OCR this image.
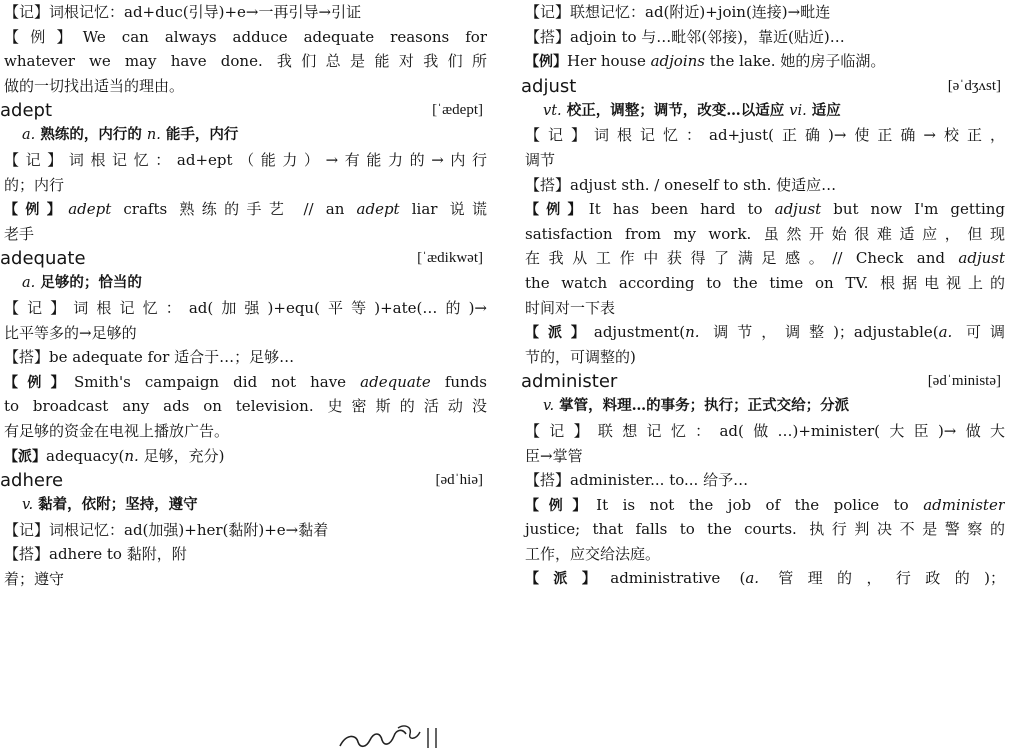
【记】词根记忆：ad+duc(引导)+e→一再引导→引证
【例】We can always adduce adequate reasons for
whatever we may have done. 我们总是能对我们所
做的一切找出适当的理由。
adept	[ˈædept]
a. 熟练的，内行的 n. 能手，内行
【记】词根记忆：ad+ept（能力）→有能力的→内行
的；内行
【例】adept crafts 熟练的手艺 // an adept liar 说谎
老手
adequate	[ˈædikwət]
a. 足够的；恰当的
【记】词根记忆：ad(加强)+equ(平等)+ate(…的)→
比平等多的→足够的
【搭】be adequate for 适合于…；足够…
【例】Smith's campaign did not have adequate funds
to broadcast any ads on television. 史密斯的活动没
有足够的资金在电视上播放广告。
【派】adequacy(n. 足够，充分)
adhere	[ədˈhiə]
v. 黏着，依附；坚持，遵守
【记】词根记忆：ad(加强)+her(黏附)+e→黏着
【搭】adhere to 黏附，附
着；遵守
【记】联想记忆：ad(附近)+join(连接)→毗连
【搭】adjoin to 与…毗邻(邻接)，靠近(贴近)…
【例】Her house adjoins the lake. 她的房子临湖。
adjust	[əˈdʒʌst]
vt. 校正，调整；调节，改变…以适应 vi. 适应
【记】词根记忆：ad+just(正确)→使正确→校正，
调节
【搭】adjust sth. / oneself to sth. 使适应…
【例】It has been hard to adjust but now I'm getting
satisfaction from my work. 虽然开始很难适应，但现
在我从工作中获得了满足感。// Check and adjust
the watch according to the time on TV. 根据电视上的
时间对一下表
【派】adjustment(n. 调节，调整)；adjustable(a. 可调
节的，可调整的)
administer	[ədˈministə]
v. 掌管，料理…的事务；执行；正式交给；分派
【记】联想记忆：ad(做…)+minister(大臣)→做大
臣→掌管
【搭】administer... to... 给予…
【例】It is not the job of the police to administer
justice; that falls to the courts. 执行判决不是警察的
工作，应交给法庭。
【派】administrative (a. 管理的，行政的)；
